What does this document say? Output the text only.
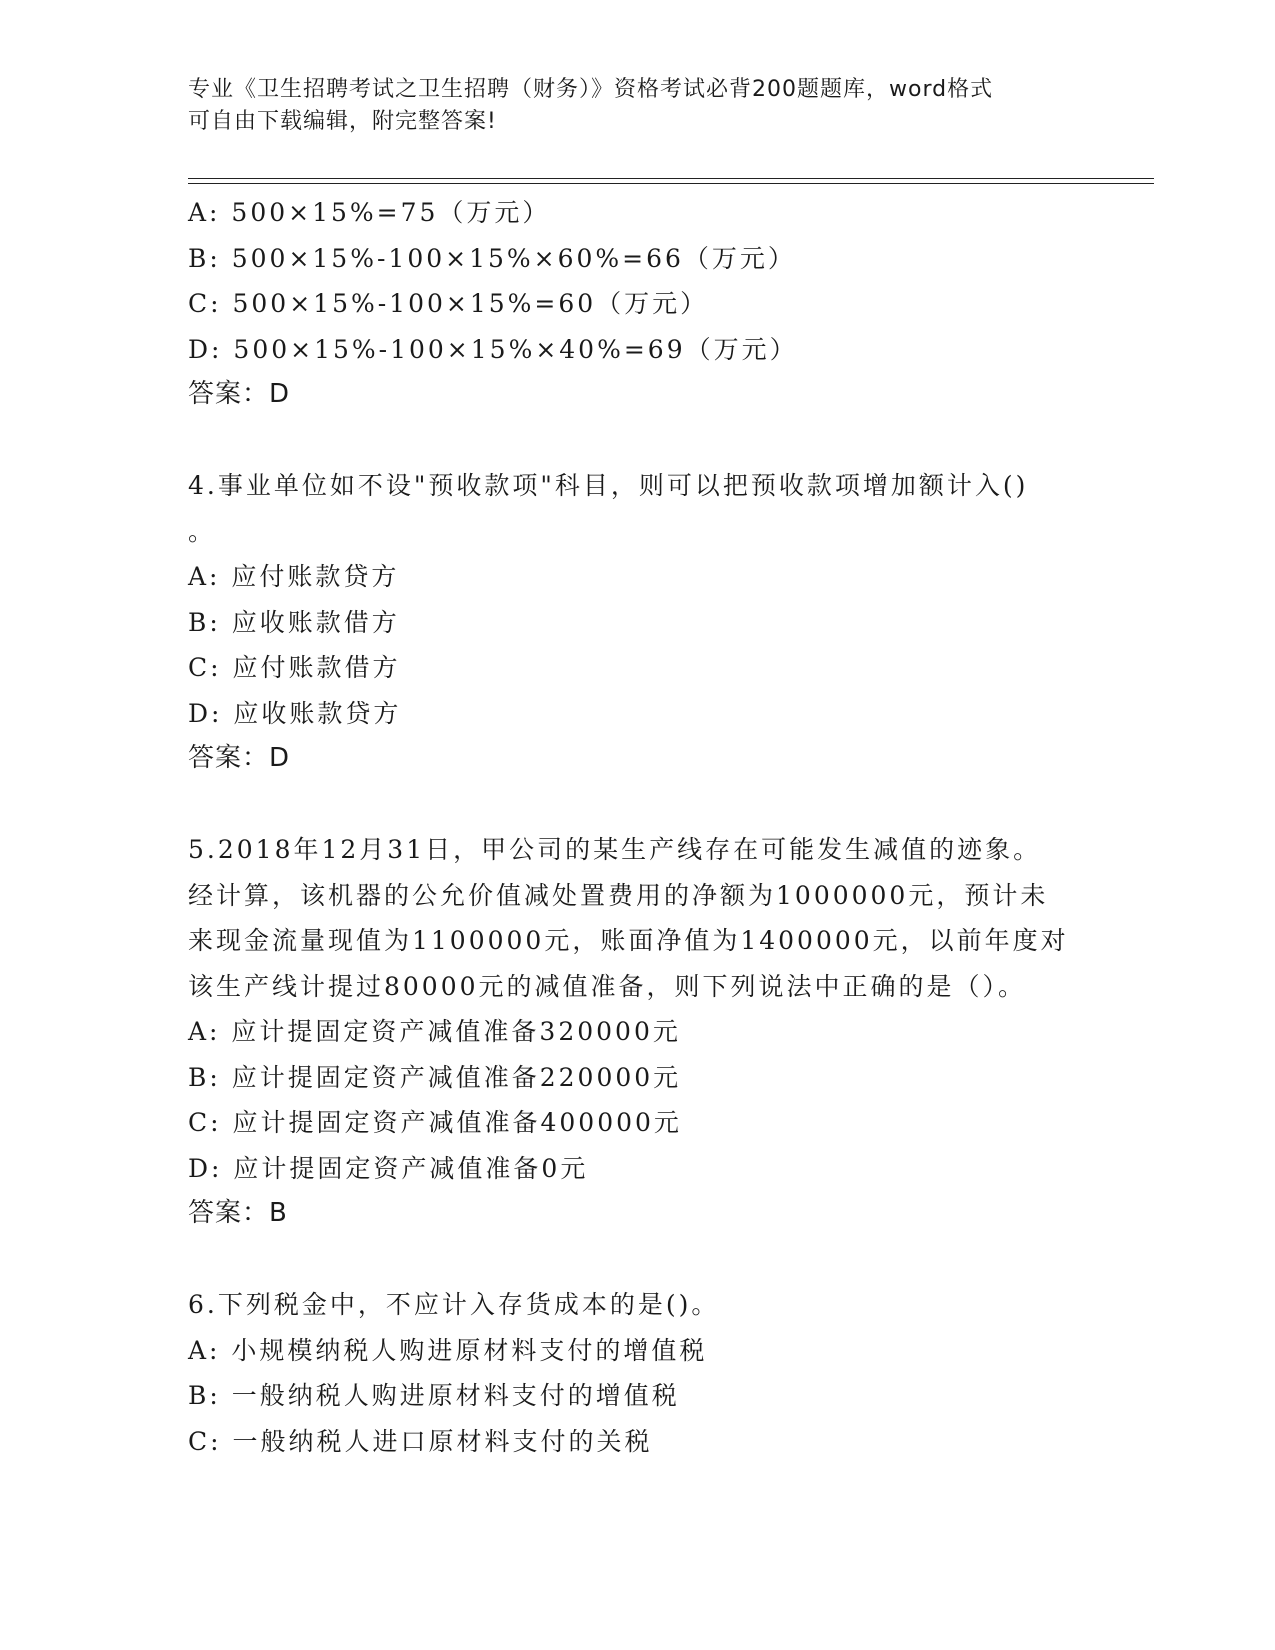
专业《卫生招聘考试之卫生招聘（财务）》资格考试必背200题题库，word格式
可自由下载编辑，附完整答案!
A: 500×15%=75（万元）
B: 500×15%-100×15%×60%=66（万元）
C: 500×15%-100×15%=60（万元）
D: 500×15%-100×15%×40%=69（万元）
答案：D
4.事业单位如不设"预收款项"科目，则可以把预收款项增加额计入()
。
A: 应付账款贷方
B: 应收账款借方
C: 应付账款借方
D: 应收账款贷方
答案：D
5.2018年12月31日，甲公司的某生产线存在可能发生减值的迹象。
经计算，该机器的公允价值减处置费用的净额为1000000元，预计未
来现金流量现值为1100000元，账面净值为1400000元，以前年度对
该生产线计提过80000元的减值准备，则下列说法中正确的是（）。
A: 应计提固定资产减值准备320000元
B: 应计提固定资产减值准备220000元
C: 应计提固定资产减值准备400000元
D: 应计提固定资产减值准备0元
答案：B
6.下列税金中，不应计入存货成本的是()。
A: 小规模纳税人购进原材料支付的增值税
B: 一般纳税人购进原材料支付的增值税
C: 一般纳税人进口原材料支付的关税
